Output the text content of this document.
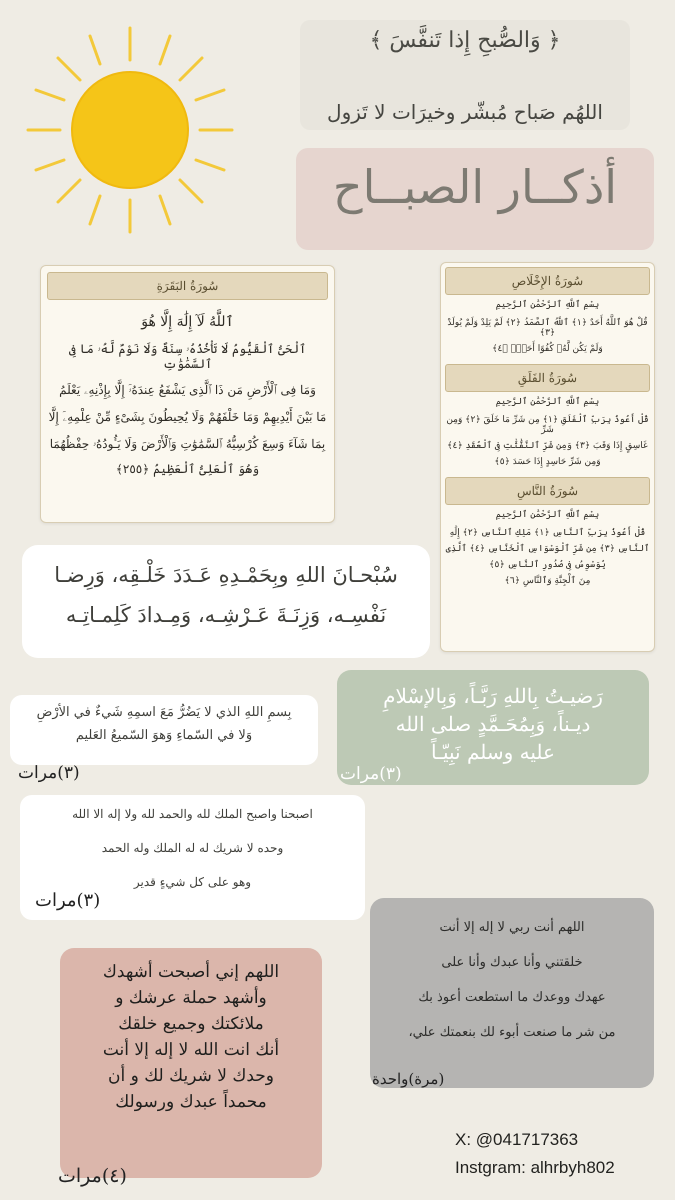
﴿ وَالصُّبحِ إِذا تَنفَّسَ ﴾
اللهُم صَباح مُبشّر وخيرَات لا تَزول
أذكــار الصبــاح
سُورَةُ البَقَرَةِ
ٱللَّهُ لَآ إِلَٰهَ إِلَّا هُوَ
ٱلْحَىُّ ٱلْقَيُّومُ لَا تَأْخُذُهُۥ سِنَةٌ وَلَا نَوْمٌ لَّهُۥ مَا فِى ٱلسَّمَٰوَٰتِ
وَمَا فِى ٱلْأَرْضِ مَن ذَا ٱلَّذِى يَشْفَعُ عِندَهُۥٓ إِلَّا بِإِذْنِهِۦ يَعْلَمُ
مَا بَيْنَ أَيْدِيهِمْ وَمَا خَلْفَهُمْ وَلَا يُحِيطُونَ بِشَىْءٍ مِّنْ عِلْمِهِۦٓ إِلَّا
بِمَا شَآءَ وَسِعَ كُرْسِيُّهُ ٱلسَّمَٰوَٰتِ وَٱلْأَرْضَ وَلَا يَـُٔودُهُۥ حِفْظُهُمَا
وَهُوَ ٱلْعَلِىُّ ٱلْعَظِيمُ ﴿٢٥٥﴾
سُورَةُ الإِخْلَاصِ
بِسْمِ ٱللَّهِ ٱلرَّحْمَٰنِ ٱلرَّحِيمِ
قُلْ هُوَ ٱللَّهُ أَحَدٌ ﴿١﴾ ٱللَّهُ ٱلصَّمَدُ ﴿٢﴾ لَمْ يَلِدْ وَلَمْ يُولَدْ ﴿٣﴾
وَلَمْ يَكُن لَّهُۥ كُفُوًا أَحَدٌۢ ﴿٤﴾
سُورَةُ الفَلَقِ
بِسْمِ ٱللَّهِ ٱلرَّحْمَٰنِ ٱلرَّحِيمِ
قُلْ أَعُوذُ بِرَبِّ ٱلْفَلَقِ ﴿١﴾ مِن شَرِّ مَا خَلَقَ ﴿٢﴾ وَمِن شَرِّ
غَاسِقٍ إِذَا وَقَبَ ﴿٣﴾ وَمِن شَرِّ ٱلنَّفَّٰثَٰتِ فِى ٱلْعُقَدِ ﴿٤﴾
وَمِن شَرِّ حَاسِدٍ إِذَا حَسَدَ ﴿٥﴾
سُورَةُ النَّاسِ
بِسْمِ ٱللَّهِ ٱلرَّحْمَٰنِ ٱلرَّحِيمِ
قُلْ أَعُوذُ بِرَبِّ ٱلنَّاسِ ﴿١﴾ مَلِكِ ٱلنَّاسِ ﴿٢﴾ إِلَٰهِ
ٱلنَّاسِ ﴿٣﴾ مِن شَرِّ ٱلْوَسْوَاسِ ٱلْخَنَّاسِ ﴿٤﴾ ٱلَّذِى
يُوَسْوِسُ فِى صُدُورِ ٱلنَّاسِ ﴿٥﴾
مِنَ ٱلْجِنَّةِ وَٱلنَّاسِ ﴿٦﴾
سُبْحـانَ اللهِ وبِحَمْـدِهِ عَـدَدَ خَلْـقِه، وَرِضـا
نَفْسِـه، وَزِنَـةَ عَـرْشِـه، وَمِـدادَ كَلِمـاتِـه
رَضيـتُ بِاللهِ رَبَّـاً، وَبِالإسْلامِ
ديـناً، وَبِمُحَـمَّدٍ صلى الله
عليه وسلم نَبِيّـاً
(٣)مرات
بِسمِ اللهِ الذي لا يَضُرُّ مَعَ اسمِهِ شَيءٌ في الأرْضِ
وَلا في السّماءِ وَهوَ السّميعُ العَليم
(٣)مرات
اصبحنا واصبح الملك لله والحمد لله ولا إله الا الله
وحده لا شريك له له الملك وله الحمد
وهو على كل شيءٍ قدير
(٣)مرات
اللهم أنت ربي لا إله إلا أنت
خلقتني وأنا عبدك وأنا على
عهدك ووعدك ما استطعت أعوذ بك
من شر ما صنعت أبوء لك بنعمتك علي،
(مرة)واحدة
اللهم إني أصبحت أشهدك
وأشهد حملة عرشك و
ملائكتك وجميع خلقك
أنك انت الله لا إله إلا أنت
وحدك لا شريك لك و أن
محمداً عبدك ورسولك
(٤)مرات
X: @041717363
Instgram: alhrbyh802
